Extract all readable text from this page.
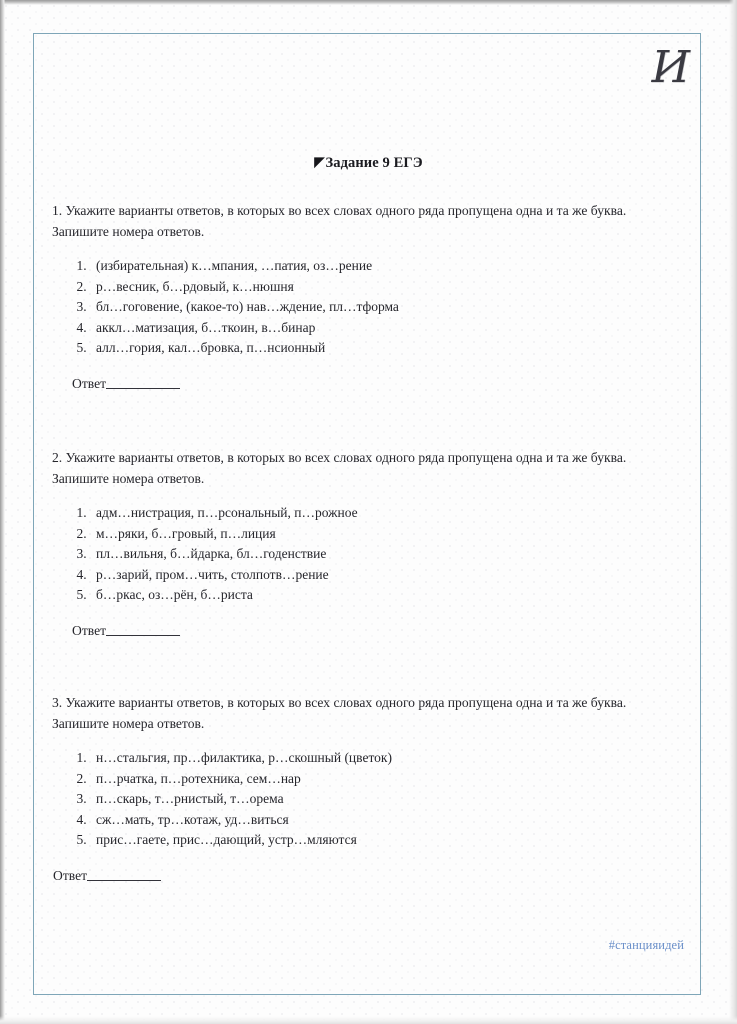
И
◤Задание 9 ЕГЭ
1. Укажите варианты ответов, в которых во всех словах одного ряда пропущена одна и та же буква. Запишите номера ответов.
1. (избирательная) к…мпания, …патия, оз…рение
2. р…весник, б…рдовый, к…нюшня
3. бл…гоговение, (какое-то) нав…ждение, пл…тформа
4. аккл…матизация, б…ткоин, в…бинар
5. алл…гория, кал…бровка, п…нсионный
Ответ
2. Укажите варианты ответов, в которых во всех словах одного ряда пропущена одна и та же буква. Запишите номера ответов.
1. адм…нистрация, п…рсональный, п…рожное
2. м…ряки, б…гровый, п…лиция
3. пл…вильня, б…йдарка, бл…годенствие
4. р…зарий, пром…чить, столпотв…рение
5. б…ркас, оз…рён, б…риста
Ответ
3. Укажите варианты ответов, в которых во всех словах одного ряда пропущена одна и та же буква. Запишите номера ответов.
1. н…стальгия, пр…филактика, р…скошный (цветок)
2. п…рчатка, п…ротехника, сем…нар
3. п…скарь, т…рнистый, т…орема
4. сж…мать, тр…котаж, уд…виться
5. прис…гаете, прис…дающий, устр…мляются
Ответ
#станцияидей
